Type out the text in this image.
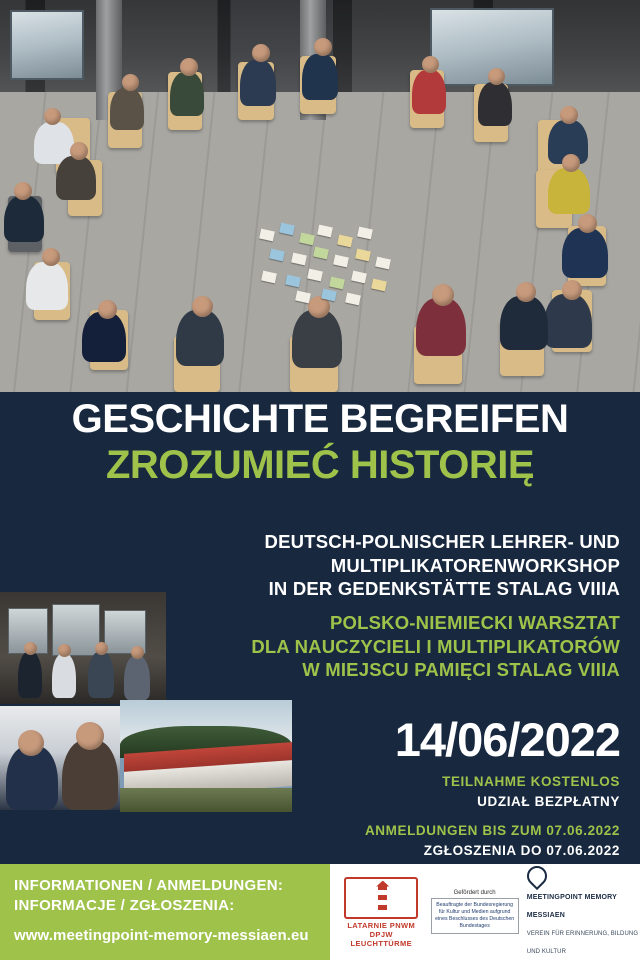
GESCHICHTE BEGREIFEN
ZROZUMIEĆ HISTORIĘ
DEUTSCH-POLNISCHER LEHRER- UND
MULTIPLIKATORENWORKSHOP
IN DER GEDENKSTÄTTE STALAG VIIIA
POLSKO-NIEMIECKI WARSZTAT
DLA NAUCZYCIELI I MULTIPLIKATORÓW
W MIEJSCU PAMIĘCI STALAG VIIIA
14/06/2022
TEILNAHME KOSTENLOS
UDZIAŁ BEZPŁATNY
ANMELDUNGEN BIS ZUM 07.06.2022
ZGŁOSZENIA DO 07.06.2022
INFORMATIONEN / ANMELDUNGEN:
INFORMACJE / ZGŁOSZENIA:
www.meetingpoint-memory-messiaen.eu
LATARNIE PNWM
DPJW LEUCHTTÜRME
Gefördert durch
Beauftragte der Bundesregierung für Kultur und Medien aufgrund eines Beschlusses des Deutschen Bundestages
MEETINGPOINT MEMORY MESSIAEN
VEREIN FÜR ERINNERUNG, BILDUNG UND KULTUR
